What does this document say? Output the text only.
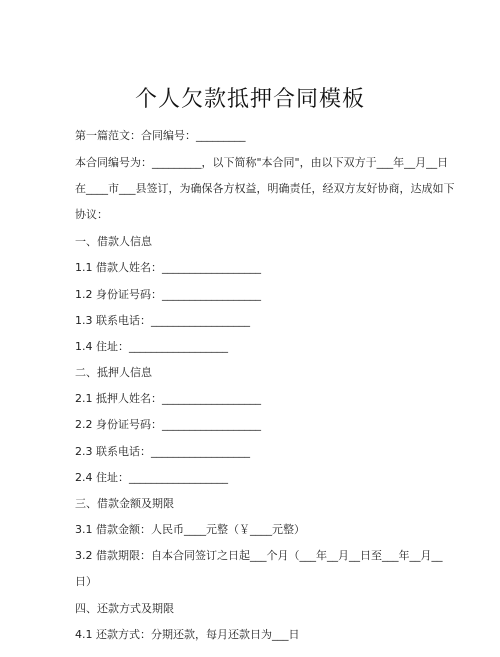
个人欠款抵押合同模板
第一篇范文：合同编号：_________
本合同编号为：_________，以下简称"本合同"，由以下双方于___年__月__日
在____市___县签订，为确保各方权益，明确责任，经双方友好协商，达成如下
协议：
一、借款人信息
1.1 借款人姓名：__________________
1.2 身份证号码：__________________
1.3 联系电话：__________________
1.4 住址：__________________
二、抵押人信息
2.1 抵押人姓名：__________________
2.2 身份证号码：__________________
2.3 联系电话：__________________
2.4 住址：__________________
三、借款金额及期限
3.1 借款金额：人民币____元整（￥____元整）
3.2 借款期限：自本合同签订之日起___个月（___年__月__日至___年__月__
日）
四、还款方式及期限
4.1 还款方式：分期还款，每月还款日为___日
